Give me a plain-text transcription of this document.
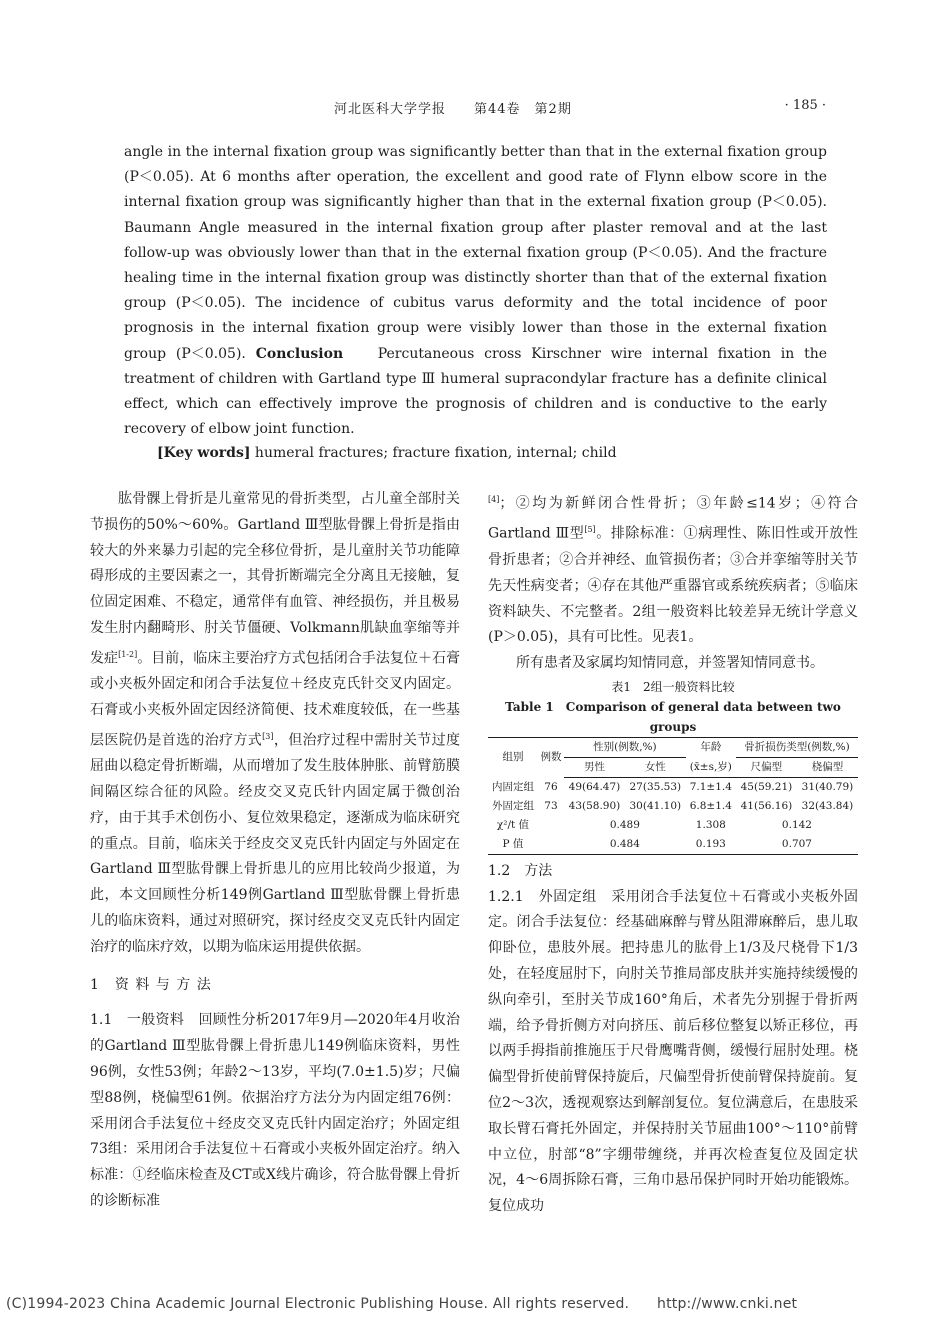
河北医科大学学报　　第44卷　第2期	· 185 ·

angle in the internal fixation group was significantly better than that in the external fixation group (P＜0.05). At 6 months after operation, the excellent and good rate of Flynn elbow score in the internal fixation group was significantly higher than that in the external fixation group (P＜0.05). Baumann Angle measured in the internal fixation group after plaster removal and at the last follow-up was obviously lower than that in the external fixation group (P＜0.05). And the fracture healing time in the internal fixation group was distinctly shorter than that of the external fixation group (P＜0.05). The incidence of cubitus varus deformity and the total incidence of poor prognosis in the internal fixation group were visibly lower than those in the external fixation group (P＜0.05). Conclusion　 Percutaneous cross Kirschner wire internal fixation in the treatment of children with Gartland type Ⅲ humeral supracondylar fracture has a definite clinical effect, which can effectively improve the prognosis of children and is conductive to the early recovery of elbow joint function.

[Key words] humeral fractures; fracture fixation, internal; child

肱骨髁上骨折是儿童常见的骨折类型，占儿童全部肘关节损伤的50%～60%。Gartland Ⅲ型肱骨髁上骨折是指由较大的外来暴力引起的完全移位骨折，是儿童肘关节功能障碍形成的主要因素之一，其骨折断端完全分离且无接触，复位固定困难、不稳定，通常伴有血管、神经损伤，并且极易发生肘内翻畸形、肘关节僵硬、Volkmann肌缺血挛缩等并发症[1-2]。目前，临床主要治疗方式包括闭合手法复位＋石膏或小夹板外固定和闭合手法复位＋经皮克氏针交叉内固定。石膏或小夹板外固定因经济简便、技术难度较低，在一些基层医院仍是首选的治疗方式[3]，但治疗过程中需肘关节过度屈曲以稳定骨折断端，从而增加了发生肢体肿胀、前臂筋膜间隔区综合征的风险。经皮交叉克氏针内固定属于微创治疗，由于其手术创伤小、复位效果稳定，逐渐成为临床研究的重点。目前，临床关于经皮交叉克氏针内固定与外固定在Gartland Ⅲ型肱骨髁上骨折患儿的应用比较尚少报道，为此，本文回顾性分析149例Gartland Ⅲ型肱骨髁上骨折患儿的临床资料，通过对照研究，探讨经皮交叉克氏针内固定治疗的临床疗效，以期为临床运用提供依据。

1　资 料 与 方 法

1.1　一般资料　回顾性分析2017年9月—2020年4月收治的Gartland Ⅲ型肱骨髁上骨折患儿149例临床资料，男性96例，女性53例；年龄2～13岁，平均(7.0±1.5)岁；尺偏型88例，桡偏型61例。依据治疗方法分为内固定组76例：采用闭合手法复位＋经皮交叉克氏针内固定治疗；外固定组73组：采用闭合手法复位＋石膏或小夹板外固定治疗。纳入标准：①经临床检查及CT或X线片确诊，符合肱骨髁上骨折的诊断标准

[4]；②均为新鲜闭合性骨折；③年龄≤14岁；④符合Gartland Ⅲ型[5]。排除标准：①病理性、陈旧性或开放性骨折患者；②合并神经、血管损伤者；③合并挛缩等肘关节先天性病变者；④存在其他严重器官或系统疾病者；⑤临床资料缺失、不完整者。2组一般资料比较差异无统计学意义(P＞0.05)，具有可比性。见表1。

所有患者及家属均知情同意，并签署知情同意书。

表1　2组一般资料比较

Table 1　Comparison of general data between two groups

组别	例数	性别(例数,%)		年龄	骨折损伤类型(例数,%)	
		男性	女性	(x̄±s,岁)	尺偏型	桡偏型
内固定组	76	49(64.47)	27(35.53)	7.1±1.4	45(59.21)	31(40.79)
外固定组	73	43(58.90)	30(41.10)	6.8±1.4	41(56.16)	32(43.84)
χ²/t 值		0.489		1.308	0.142	
P 值		0.484		0.193	0.707	

1.2　方法

1.2.1　外固定组　采用闭合手法复位＋石膏或小夹板外固定。闭合手法复位：经基础麻醉与臂丛阻滞麻醉后，患儿取仰卧位，患肢外展。把持患儿的肱骨上1/3及尺桡骨下1/3处，在轻度屈肘下，向肘关节推局部皮肤并实施持续缓慢的纵向牵引，至肘关节成160°角后，术者先分别握于骨折两端，给予骨折侧方对向挤压、前后移位整复以矫正移位，再以两手拇指前推施压于尺骨鹰嘴背侧，缓慢行屈肘处理。桡偏型骨折使前臂保持旋后，尺偏型骨折使前臂保持旋前。复位2～3次，透视观察达到解剖复位。复位满意后，在患肢采取长臂石膏托外固定，并保持肘关节屈曲100°～110°前臂中立位，肘部“8”字绷带缠绕，并再次检查复位及固定状况，4～6周拆除石膏，三角巾悬吊保护同时开始功能锻炼。复位成功

(C)1994-2023 China Academic Journal Electronic Publishing House. All rights reserved. http://www.cnki.net
